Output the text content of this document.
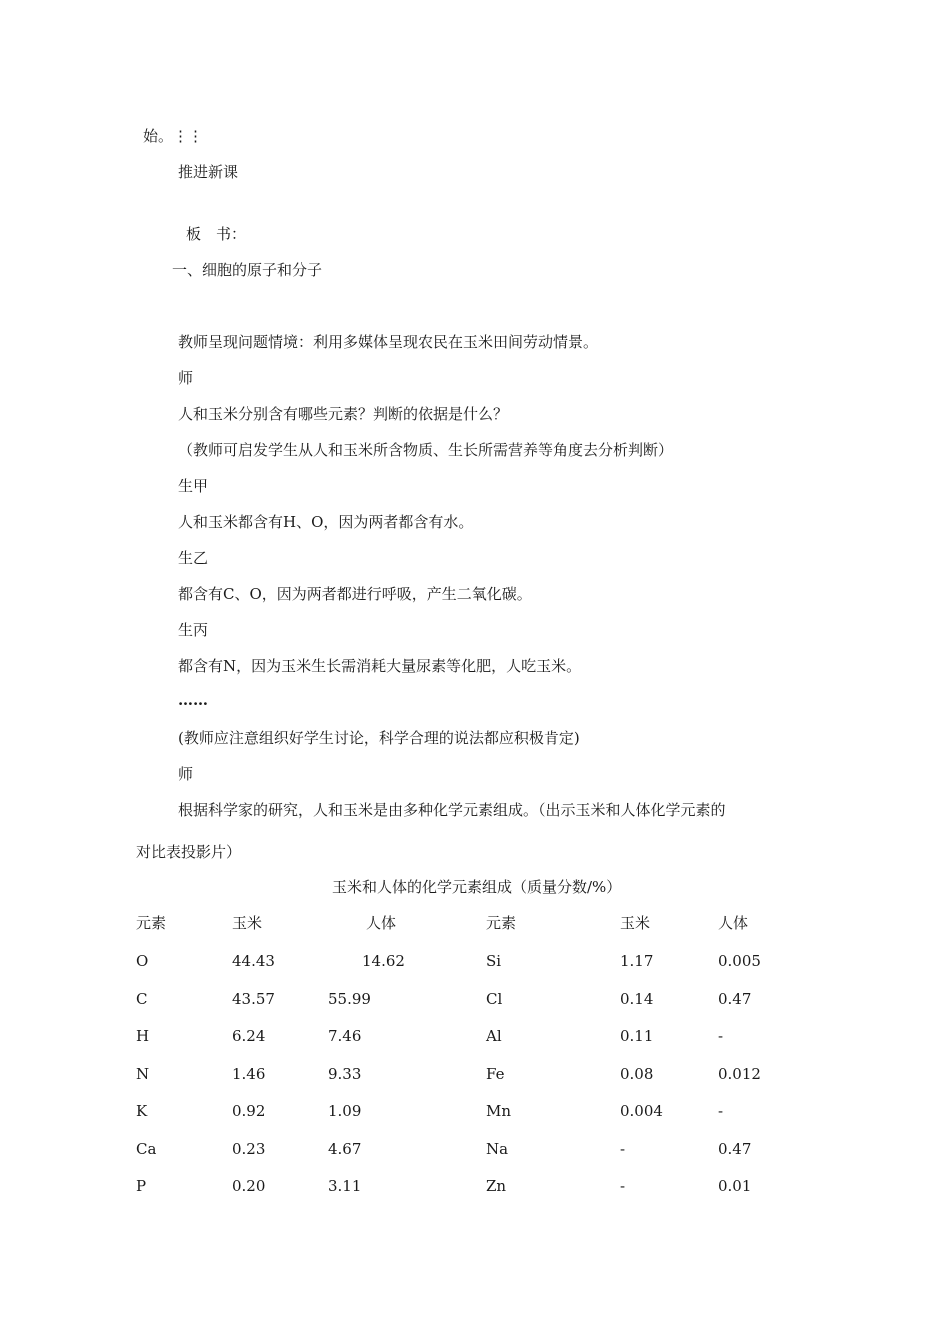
始。⋮⋮
推进新课
板　书：
一、细胞的原子和分子
教师呈现问题情境：利用多媒体呈现农民在玉米田间劳动情景。
师
人和玉米分别含有哪些元素？判断的依据是什么？
（教师可启发学生从人和玉米所含物质、生长所需营养等角度去分析判断）
生甲
人和玉米都含有H、O，因为两者都含有水。
生乙
都含有C、O，因为两者都进行呼吸，产生二氧化碳。
生丙
都含有N，因为玉米生长需消耗大量尿素等化肥，人吃玉米。
……
(教师应注意组织好学生讨论，科学合理的说法都应积极肯定)
师
根据科学家的研究，人和玉米是由多种化学元素组成。（出示玉米和人体化学元素的
对比表投影片）
玉米和人体的化学元素组成（质量分数/%）
元素	玉米	人体	元素	玉米	人体
O	44.43	14.62	Si	1.17	0.005
C	43.57	55.99	Cl	0.14	0.47
H	6.24	7.46	Al	0.11	-
N	1.46	9.33	Fe	0.08	0.012
K	0.92	1.09	Mn	0.004	-
Ca	0.23	4.67	Na	-	0.47
P	0.20	3.11	Zn	-	0.01
